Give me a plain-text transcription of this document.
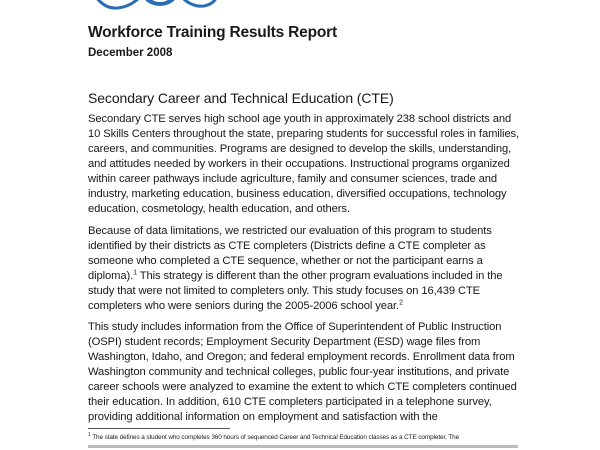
Workforce Training Results Report
December 2008
Secondary Career and Technical Education (CTE)

Secondary CTE serves high school age youth in approximately 238 school districts and 10 Skills Centers throughout the state, preparing students for successful roles in families, careers, and communities. Programs are designed to develop the skills, understanding, and attitudes needed by workers in their occupations. Instructional programs organized within career pathways include agriculture, family and consumer sciences, trade and industry, marketing education, business education, diversified occupations, technology education, cosmetology, health education, and others.

Because of data limitations, we restricted our evaluation of this program to students identified by their districts as CTE completers (Districts define a CTE completer as someone who completed a CTE sequence, whether or not the participant earns a diploma).$^1$ This strategy is different than the other program evaluations included in the study that were not limited to completers only. This study focuses on 16,439 CTE completers who were seniors during the 2005-2006 school year.$^2$

This study includes information from the Office of Superintendent of Public Instruction (OSPI) student records; Employment Security Department (ESD) wage files from Washington, Idaho, and Oregon; and federal employment records. Enrollment data from Washington community and technical colleges, public four-year institutions, and private career schools were analyzed to examine the extent to which CTE completers continued their education. In addition, 610 CTE completers participated in a telephone survey, providing additional information on employment and satisfaction with the

$^1$ The state defines a student who completes 360 hours of sequenced Career and Technical Education classes as a CTE completer. The
